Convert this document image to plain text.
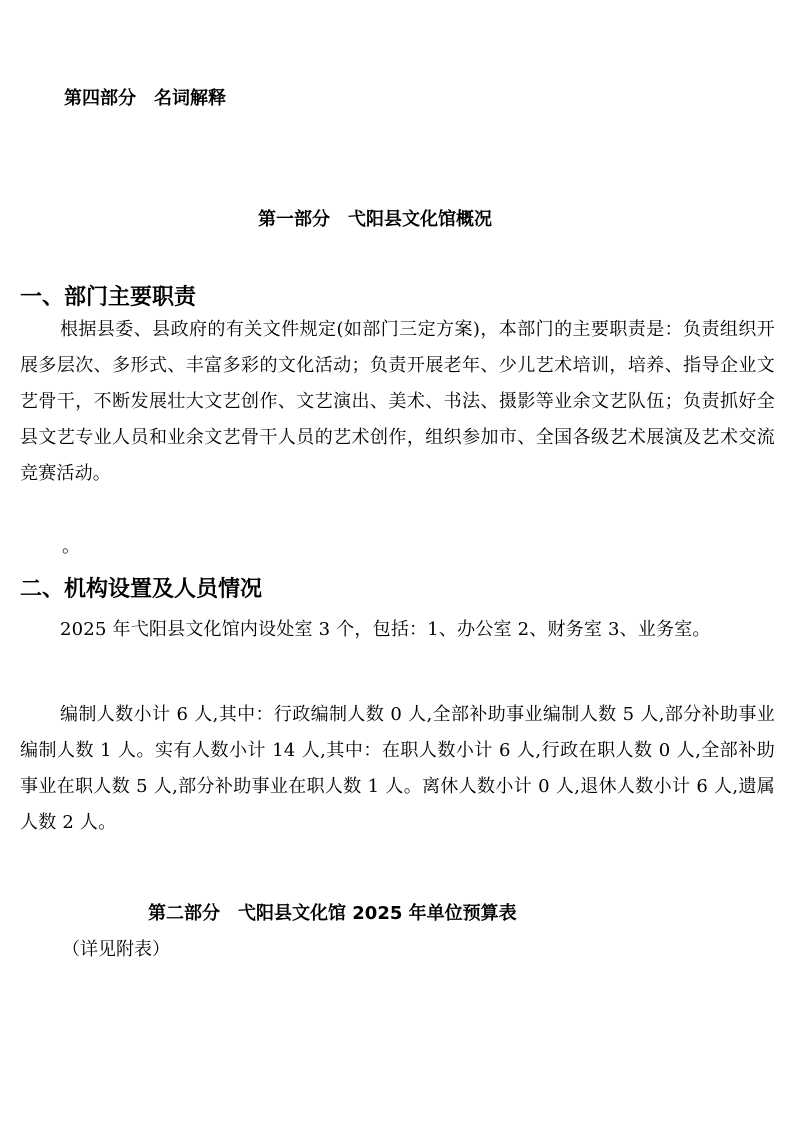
第四部分　名词解释
第一部分　弋阳县文化馆概况
一、部门主要职责

根据县委、县政府的有关文件规定(如部门三定方案)，本部门的主要职责是：负责组织开展多层次、多形式、丰富多彩的文化活动；负责开展老年、少儿艺术培训，培养、指导企业文艺骨干，不断发展壮大文艺创作、文艺演出、美术、书法、摄影等业余文艺队伍；负责抓好全县文艺专业人员和业余文艺骨干人员的艺术创作，组织参加市、全国各级艺术展演及艺术交流竞赛活动。

。
二、机构设置及人员情况

2025 年弋阳县文化馆内设处室 3 个，包括：1、办公室 2、财务室 3、业务室。

编制人数小计 6 人,其中：行政编制人数 0 人,全部补助事业编制人数 5 人,部分补助事业编制人数 1 人。实有人数小计 14 人,其中：在职人数小计 6 人,行政在职人数 0 人,全部补助事业在职人数 5 人,部分补助事业在职人数 1 人。离休人数小计 0 人,退休人数小计 6 人,遗属人数 2 人。

第二部分　弋阳县文化馆 2025 年单位预算表
（详见附表）
